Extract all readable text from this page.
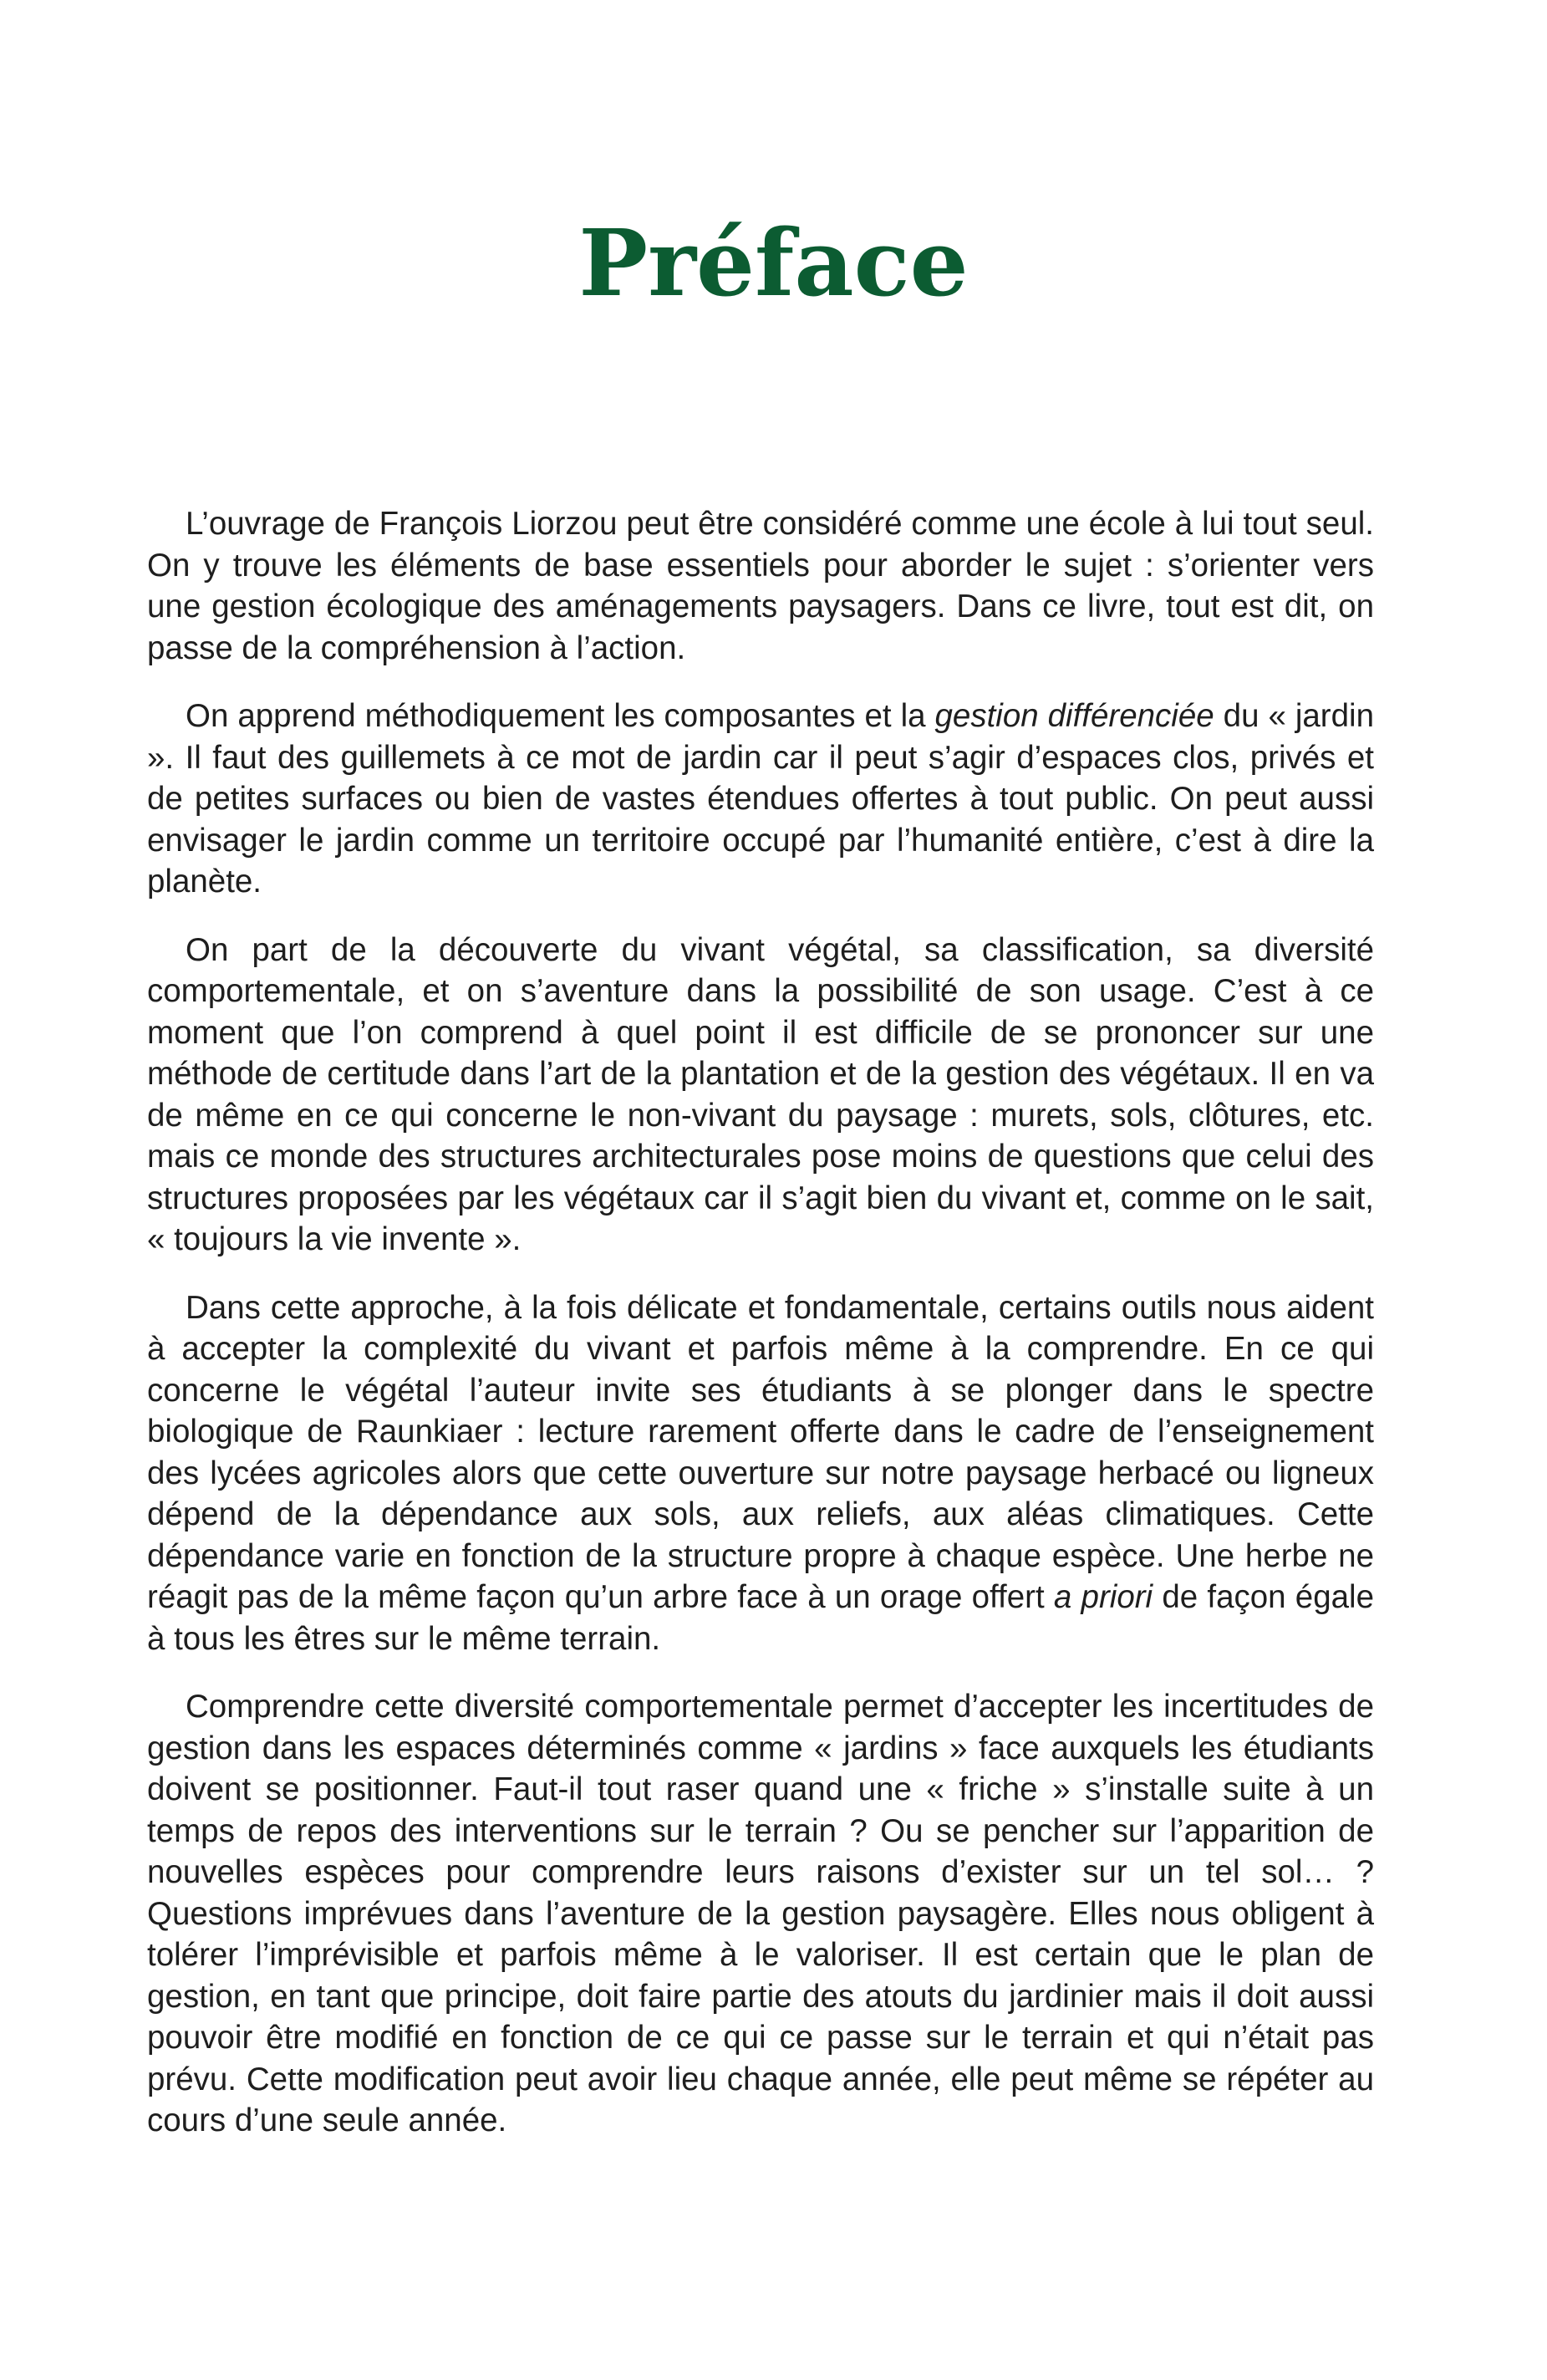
Préface

L’ouvrage de François Liorzou peut être considéré comme une école à lui tout seul. On y trouve les éléments de base essentiels pour aborder le sujet : s’orienter vers une gestion écologique des aménagements paysagers. Dans ce livre, tout est dit, on passe de la compréhension à l’action.

On apprend méthodiquement les composantes et la gestion différenciée du « jardin ». Il faut des guillemets à ce mot de jardin car il peut s’agir d’espaces clos, privés et de petites surfaces ou bien de vastes étendues offertes à tout public. On peut aussi envisager le jardin comme un territoire occupé par l’humanité entière, c’est à dire la planète.

On part de la découverte du vivant végétal, sa classification, sa diversité comportementale, et on s’aventure dans la possibilité de son usage. C’est à ce moment que l’on comprend à quel point il est difficile de se prononcer sur une méthode de certitude dans l’art de la plantation et de la gestion des végétaux. Il en va de même en ce qui concerne le non-vivant du paysage : murets, sols, clôtures, etc. mais ce monde des structures architecturales pose moins de questions que celui des structures proposées par les végétaux car il s’agit bien du vivant et, comme on le sait, « toujours la vie invente ».

Dans cette approche, à la fois délicate et fondamentale, certains outils nous aident à accepter la complexité du vivant et parfois même à la comprendre. En ce qui concerne le végétal l’auteur invite ses étudiants à se plonger dans le spectre biologique de Raunkiaer : lecture rarement offerte dans le cadre de l’enseignement des lycées agricoles alors que cette ouverture sur notre paysage herbacé ou ligneux dépend de la dépendance aux sols, aux reliefs, aux aléas climatiques. Cette dépendance varie en fonction de la structure propre à chaque espèce. Une herbe ne réagit pas de la même façon qu’un arbre face à un orage offert a priori de façon égale à tous les êtres sur le même terrain.

Comprendre cette diversité comportementale permet d’accepter les incertitudes de gestion dans les espaces déterminés comme « jardins » face auxquels les étudiants doivent se positionner. Faut-il tout raser quand une « friche » s’installe suite à un temps de repos des interventions sur le terrain ? Ou se pencher sur l’apparition de nouvelles espèces pour comprendre leurs raisons d’exister sur un tel sol… ? Questions imprévues dans l’aventure de la gestion paysagère. Elles nous obligent à tolérer l’imprévisible et parfois même à le valoriser. Il est certain que le plan de gestion, en tant que principe, doit faire partie des atouts du jardinier mais il doit aussi pouvoir être modifié en fonction de ce qui ce passe sur le terrain et qui n’était pas prévu. Cette modification peut avoir lieu chaque année, elle peut même se répéter au cours d’une seule année.
